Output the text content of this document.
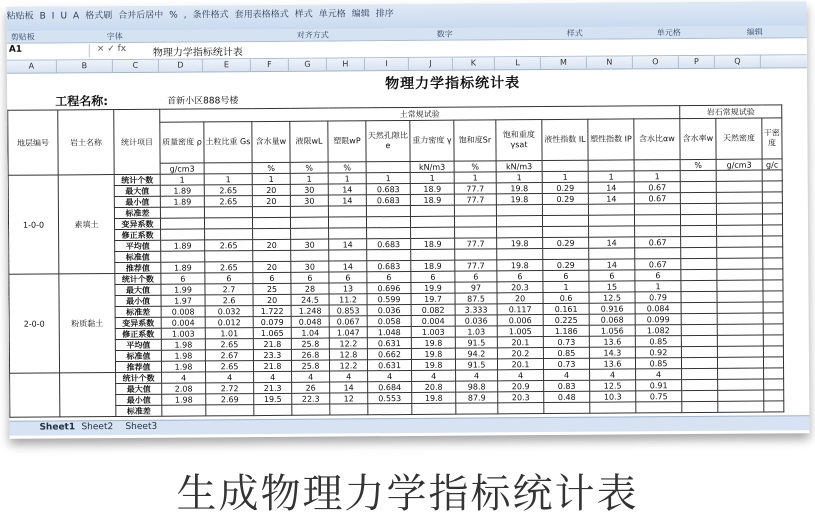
粘贴板 B I U A 格式刷 合并后居中 % , 条件格式 套用表格格式 样式 单元格 编辑 排序
剪贴板	字体	对齐方式	数字	样式	单元格	编辑
A1	× ✓ fx	物理力学指标统计表
A	B	C	D	E	F	G	H	I	J	K	L	M	N	O	P	Q
物理力学指标统计表
工程名称:	首新小区888号楼
地层编号	岩土名称	统计项目	土常规试验												岩石常规试验		
			质量密度 ρ	土粒比重 Gs	含水量w	液限wL	塑限wP	天然孔隙比e	重力密度 γ	饱和度Sr	饱和重度 γsat	液性指数 IL	塑性指数 IP	含水比αw	含水率w	天然密度	干密度
			g/cm3		%	%	%		kN/m3	%	kN/m3				%	g/cm3	g/c
1-0-0	素填土	统计个数	1	1	1	1	1	1	1	1	1	1	1	1			
		最大值	1.89	2.65	20	30	14	0.683	18.9	77.7	19.8	0.29	14	0.67			
		最小值	1.89	2.65	20	30	14	0.683	18.9	77.7	19.8	0.29	14	0.67			
		标准差															
		变异系数															
		修正系数															
		平均值	1.89	2.65	20	30	14	0.683	18.9	77.7	19.8	0.29	14	0.67			
		标准值															
		推荐值	1.89	2.65	20	30	14	0.683	18.9	77.7	19.8	0.29	14	0.67			
2-0-0	粉质黏土	统计个数	6	6	6	6	6	6	6	6	6	6	6	6			
		最大值	1.99	2.7	25	28	13	0.696	19.9	97	20.3	1	15	1			
		最小值	1.97	2.6	20	24.5	11.2	0.599	19.7	87.5	20	0.6	12.5	0.79			
		标准差	0.008	0.032	1.722	1.248	0.853	0.036	0.082	3.333	0.117	0.161	0.916	0.084			
		变异系数	0.004	0.012	0.079	0.048	0.067	0.058	0.004	0.036	0.006	0.225	0.068	0.099			
		修正系数	1.003	1.01	1.065	1.04	1.047	1.048	1.003	1.03	1.005	1.186	1.056	1.082			
		平均值	1.98	2.65	21.8	25.8	12.2	0.631	19.8	91.5	20.1	0.73	13.6	0.85			
		标准值	1.98	2.67	23.3	26.8	12.8	0.662	19.8	94.2	20.2	0.85	14.3	0.92			
		推荐值	1.98	2.65	21.8	25.8	12.2	0.631	19.8	91.5	20.1	0.73	13.6	0.85			
		统计个数	4	4	4	4	4	4	4	4	4	4	4	4			
		最大值	2.08	2.72	21.3	26	14	0.684	20.8	98.8	20.9	0.83	12.5	0.91			
		最小值	1.98	2.69	19.5	22.3	12	0.553	19.8	87.9	20.3	0.48	10.3	0.75			
		标准差															
Sheet1 Sheet2 Sheet3
生成物理力学指标统计表
